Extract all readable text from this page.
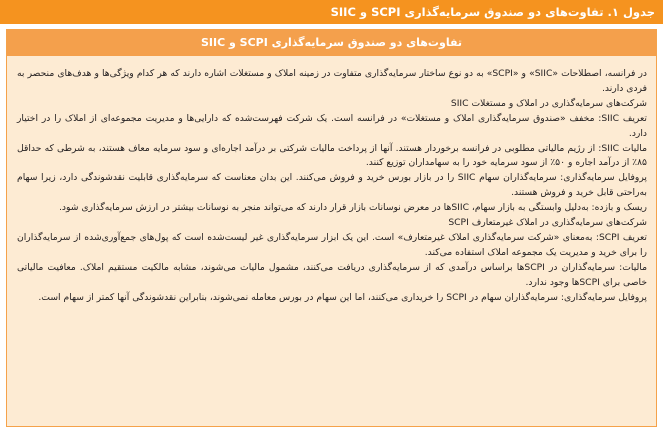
جدول ۱. تفاوت‌های دو صندوق سرمایه‌گذاری SCPI و SIIC
تفاوت‌های دو صندوق سرمایه‌گذاری SCPI و SIIC

در فرانسه، اصطلاحات «SIIC» و «SCPI» به دو نوع ساختار سرمایه‌گذاری متفاوت در زمینه املاک و مستغلات اشاره دارند که هر کدام ویژگی‌ها و هدف‌های منحصر به فردی دارند.

شرکت‌های سرمایه‌گذاری در املاک و مستغلات SIIC

تعریف SIIC: مخفف «صندوق سرمایه‌گذاری املاک و مستغلات» در فرانسه است. یک شرکت فهرست‌شده که دارایی‌ها و مدیریت مجموعه‌ای از املاک را در اختیار دارد.

مالیات SIIC: از رژیم مالیاتی مطلوبی در فرانسه برخوردار هستند. آنها از پرداخت مالیات شرکتی بر درآمد اجاره‌ای و سود سرمایه معاف هستند، به شرطی که حداقل ۸۵٪ از درآمد اجاره و ۵۰٪ از سود سرمایه خود را به سهامداران توزیع کنند.

پروفایل سرمایه‌گذاری: سرمایه‌گذاران سهام SIIC را در بازار بورس خرید و فروش می‌کنند. این بدان معناست که سرمایه‌گذاری قابلیت نقدشوندگی دارد، زیرا سهام به‌راحتی قابل خرید و فروش هستند.

ریسک و بازده: به‌دلیل وابستگی به بازار سهام، SIICها در معرض نوسانات بازار قرار دارند که می‌تواند منجر به نوسانات بیشتر در ارزش سرمایه‌گذاری شود.

شرکت‌های سرمایه‌گذاری در املاک غیرمتعارف SCPI

تعریف SCPI: به‌معنای «شرکت سرمایه‌گذاری املاک غیرمتعارف» است. این یک ابزار سرمایه‌گذاری غیر لیست‌شده است که پول‌های جمع‌آوری‌شده از سرمایه‌گذاران را برای خرید و مدیریت یک مجموعه املاک استفاده می‌کند.

مالیات: سرمایه‌گذاران در SCPIها براساس درآمدی که از سرمایه‌گذاری دریافت می‌کنند، مشمول مالیات می‌شوند، مشابه مالکیت مستقیم املاک. معافیت مالیاتی خاصی برای SCPIها وجود ندارد.

پروفایل سرمایه‌گذاری: سرمایه‌گذاران سهام در SCPI را خریداری می‌کنند، اما این سهام در بورس معامله نمی‌شوند، بنابراین نقدشوندگی آنها کمتر از سهام است.
